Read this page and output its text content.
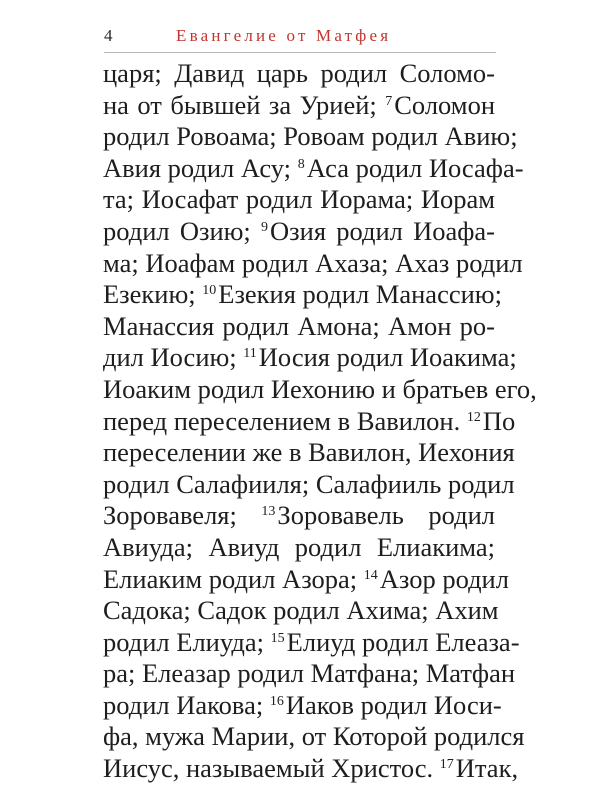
4	Евангелие от Матфея
царя; Давид царь родил Соломо-
на от бывшей за Урией; $^7$Соломон
родил Ровоама; Ровоам родил Авию;
Авия родил Асу; $^8$Аса родил Иосафа-
та; Иосафат родил Иорама; Иорам
родил Озию; $^9$Озия родил Иоафа-
ма; Иоафам родил Ахаза; Ахаз родил
Езекию; $^{10}$Езекия родил Манассию;
Манассия родил Амона; Амон ро-
дил Иосию; $^{11}$Иосия родил Иоакима;
Иоаким родил Иехонию и братьев его,
перед переселением в Вавилон. $^{12}$По
переселении же в Вавилон, Иехония
родил Салафииля; Салафииль родил
Зоровавеля; $^{13}$Зоровавель родил
Авиуда; Авиуд родил Елиакима;
Елиаким родил Азора; $^{14}$Азор родил
Садока; Садок родил Ахима; Ахим
родил Елиуда; $^{15}$Елиуд родил Елеаза-
ра; Елеазар родил Матфана; Матфан
родил Иакова; $^{16}$Иаков родил Иоси-
фа, мужа Марии, от Которой родился
Иисус, называемый Христос. $^{17}$Итак,
